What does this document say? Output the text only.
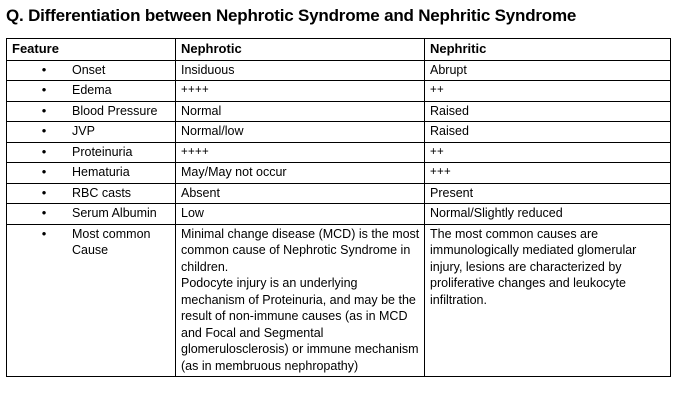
Q. Differentiation between Nephrotic Syndrome and Nephritic Syndrome
Feature	Nephrotic	Nephritic

• Onset	Insiduous	Abrupt

• Edema	++++	++

• Blood Pressure	Normal	Raised

• JVP	Normal/low	Raised

• Proteinuria	++++	++

• Hematuria	May/May not occur	+++

• RBC casts	Absent	Present

• Serum Albumin	Low	Normal/Slightly reduced

• Most common Cause	Minimal change disease (MCD) is the most common cause of Nephrotic Syndrome in children.
Podocyte injury is an underlying mechanism of Proteinuria, and may be the result of non-immune causes (as in MCD and Focal and Segmental glomerulosclerosis) or immune mechanism (as in membruous nephropathy)	The most common causes are immunologically mediated glomerular injury, lesions are characterized by proliferative changes and leukocyte infiltration.
